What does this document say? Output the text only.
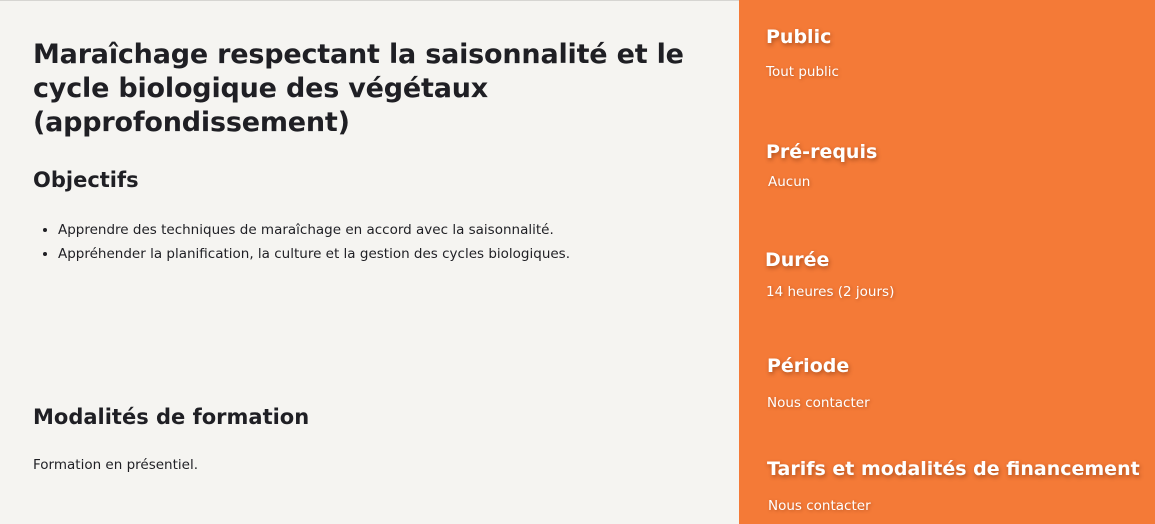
Maraîchage respectant la saisonnalité et le cycle biologique des végétaux (approfondissement)
Objectifs
• Apprendre des techniques de maraîchage en accord avec la saisonnalité.
• Appréhender la planification, la culture et la gestion des cycles biologiques.
Modalités de formation

Formation en présentiel.

Public

Tout public

Pré-requis

Aucun

Durée

14 heures (2 jours)

Période

Nous contacter

Tarifs et modalités de financement

Nous contacter
